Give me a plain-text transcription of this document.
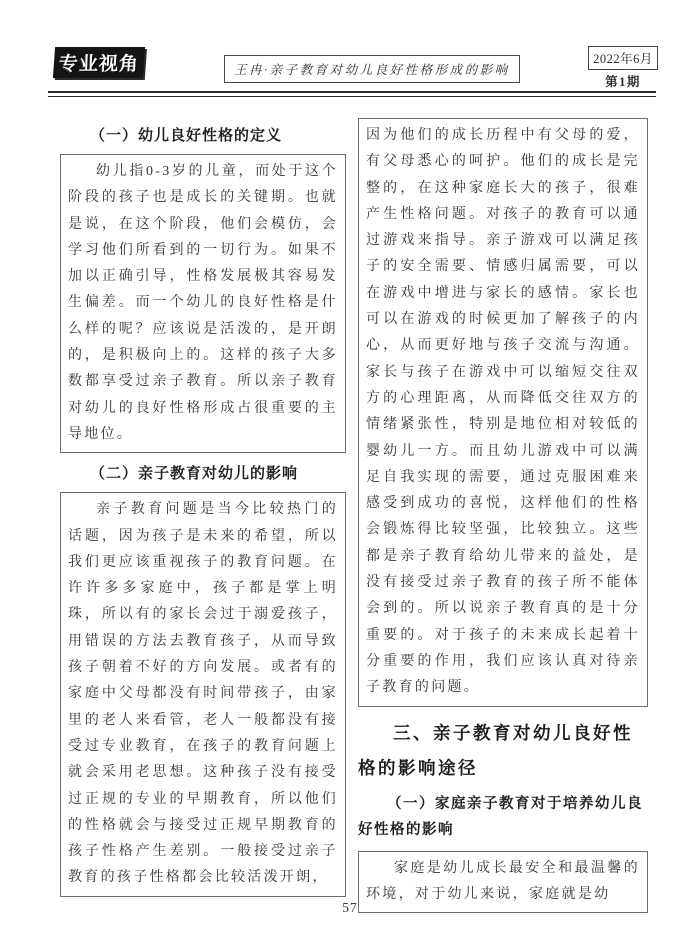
专业视角	王冉·亲子教育对幼儿良好性格形成的影响
2022年6月
第1期
（一）幼儿良好性格的定义

幼儿指0-3岁的儿童，而处于这个阶段的孩子也是成长的关键期。也就是说，在这个阶段，他们会模仿，会学习他们所看到的一切行为。如果不加以正确引导，性格发展极其容易发生偏差。而一个幼儿的良好性格是什么样的呢？应该说是活泼的，是开朗的，是积极向上的。这样的孩子大多数都享受过亲子教育。所以亲子教育对幼儿的良好性格形成占很重要的主导地位。

（二）亲子教育对幼儿的影响

亲子教育问题是当今比较热门的话题，因为孩子是未来的希望，所以我们更应该重视孩子的教育问题。在许许多多家庭中，孩子都是掌上明珠，所以有的家长会过于溺爱孩子，用错误的方法去教育孩子，从而导致孩子朝着不好的方向发展。或者有的家庭中父母都没有时间带孩子，由家里的老人来看管，老人一般都没有接受过专业教育，在孩子的教育问题上就会采用老思想。这种孩子没有接受过正规的专业的早期教育，所以他们的性格就会与接受过正规早期教育的孩子性格产生差别。一般接受过亲子教育的孩子性格都会比较活泼开朗，

因为他们的成长历程中有父母的爱，有父母悉心的呵护。他们的成长是完整的，在这种家庭长大的孩子，很难产生性格问题。对孩子的教育可以通过游戏来指导。亲子游戏可以满足孩子的安全需要、情感归属需要，可以在游戏中增进与家长的感情。家长也可以在游戏的时候更加了解孩子的内心，从而更好地与孩子交流与沟通。家长与孩子在游戏中可以缩短交往双方的心理距离，从而降低交往双方的情绪紧张性，特别是地位相对较低的婴幼儿一方。而且幼儿游戏中可以满足自我实现的需要，通过克服困难来感受到成功的喜悦，这样他们的性格会锻炼得比较坚强，比较独立。这些都是亲子教育给幼儿带来的益处，是没有接受过亲子教育的孩子所不能体会到的。所以说亲子教育真的是十分重要的。对于孩子的未来成长起着十分重要的作用，我们应该认真对待亲子教育的问题。

三、亲子教育对幼儿良好性格的影响途径
（一）家庭亲子教育对于培养幼儿良好性格的影响

家庭是幼儿成长最安全和最温馨的环境，对于幼儿来说，家庭就是幼

57
